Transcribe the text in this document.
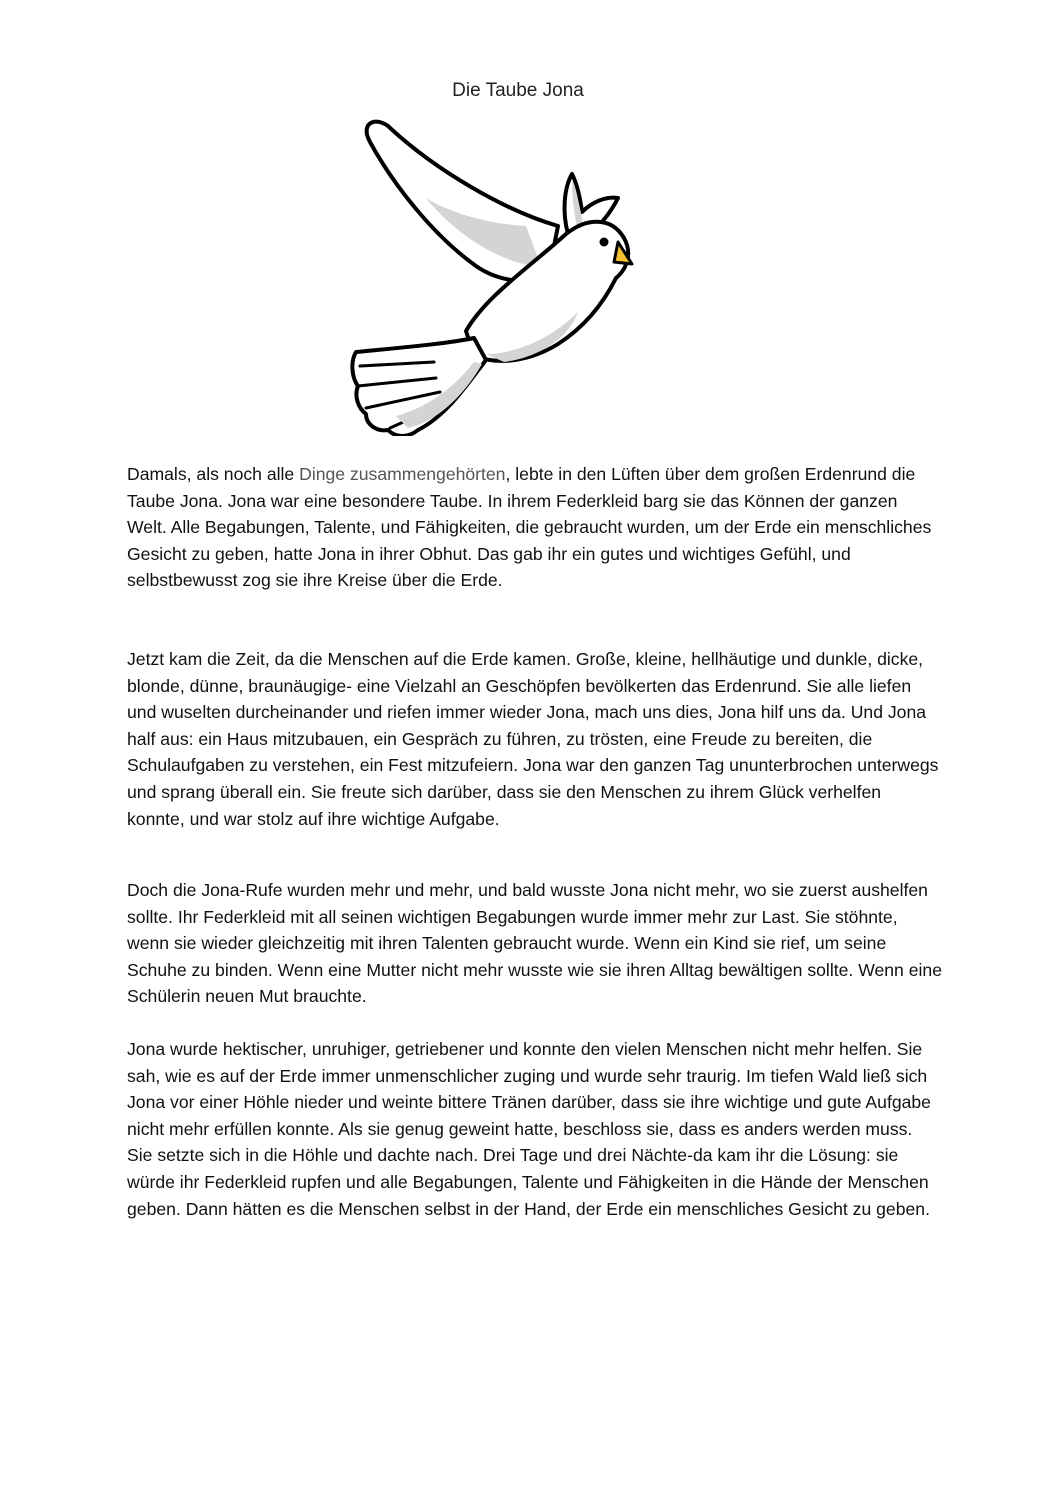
Die Taube Jona

Damals, als noch alle Dinge zusammengehörten, lebte in den Lüften über dem großen Erdenrund die Taube Jona. Jona war eine besondere Taube. In ihrem Federkleid barg sie das Können der ganzen Welt. Alle Begabungen, Talente, und Fähigkeiten, die gebraucht wurden, um der Erde ein menschliches Gesicht zu geben, hatte Jona in ihrer Obhut. Das gab ihr ein gutes und wichtiges Gefühl, und selbstbewusst zog sie ihre Kreise über die Erde.

Jetzt kam die Zeit, da die Menschen auf die Erde kamen. Große, kleine, hellhäutige und dunkle, dicke, blonde, dünne, braunäugige- eine Vielzahl an Geschöpfen bevölkerten das Erdenrund. Sie alle liefen und wuselten durcheinander und riefen immer wieder Jona, mach uns dies, Jona hilf uns da. Und Jona half aus: ein Haus mitzubauen, ein Gespräch zu führen, zu trösten, eine Freude zu bereiten, die Schulaufgaben zu verstehen, ein Fest mitzufeiern. Jona war den ganzen Tag ununterbrochen unterwegs und sprang überall ein. Sie freute sich darüber, dass sie den Menschen zu ihrem Glück verhelfen konnte, und war stolz auf ihre wichtige Aufgabe.

Doch die Jona-Rufe wurden mehr und mehr, und bald wusste Jona nicht mehr, wo sie zuerst aushelfen sollte. Ihr Federkleid mit all seinen wichtigen Begabungen wurde immer mehr zur Last. Sie stöhnte, wenn sie wieder gleichzeitig mit ihren Talenten gebraucht wurde. Wenn ein Kind sie rief, um seine Schuhe zu binden. Wenn eine Mutter nicht mehr wusste wie sie ihren Alltag bewältigen sollte. Wenn eine Schülerin neuen Mut brauchte.

Jona wurde hektischer, unruhiger, getriebener und konnte den vielen Menschen nicht mehr helfen. Sie sah, wie es auf der Erde immer unmenschlicher zuging und wurde sehr traurig. Im tiefen Wald ließ sich Jona vor einer Höhle nieder und weinte bittere Tränen darüber, dass sie ihre wichtige und gute Aufgabe nicht mehr erfüllen konnte. Als sie genug geweint hatte, beschloss sie, dass es anders werden muss. Sie setzte sich in die Höhle und dachte nach. Drei Tage und drei Nächte-da kam ihr die Lösung: sie würde ihr Federkleid rupfen und alle Begabungen, Talente und Fähigkeiten in die Hände der Menschen geben. Dann hätten es die Menschen selbst in der Hand, der Erde ein menschliches Gesicht zu geben.
